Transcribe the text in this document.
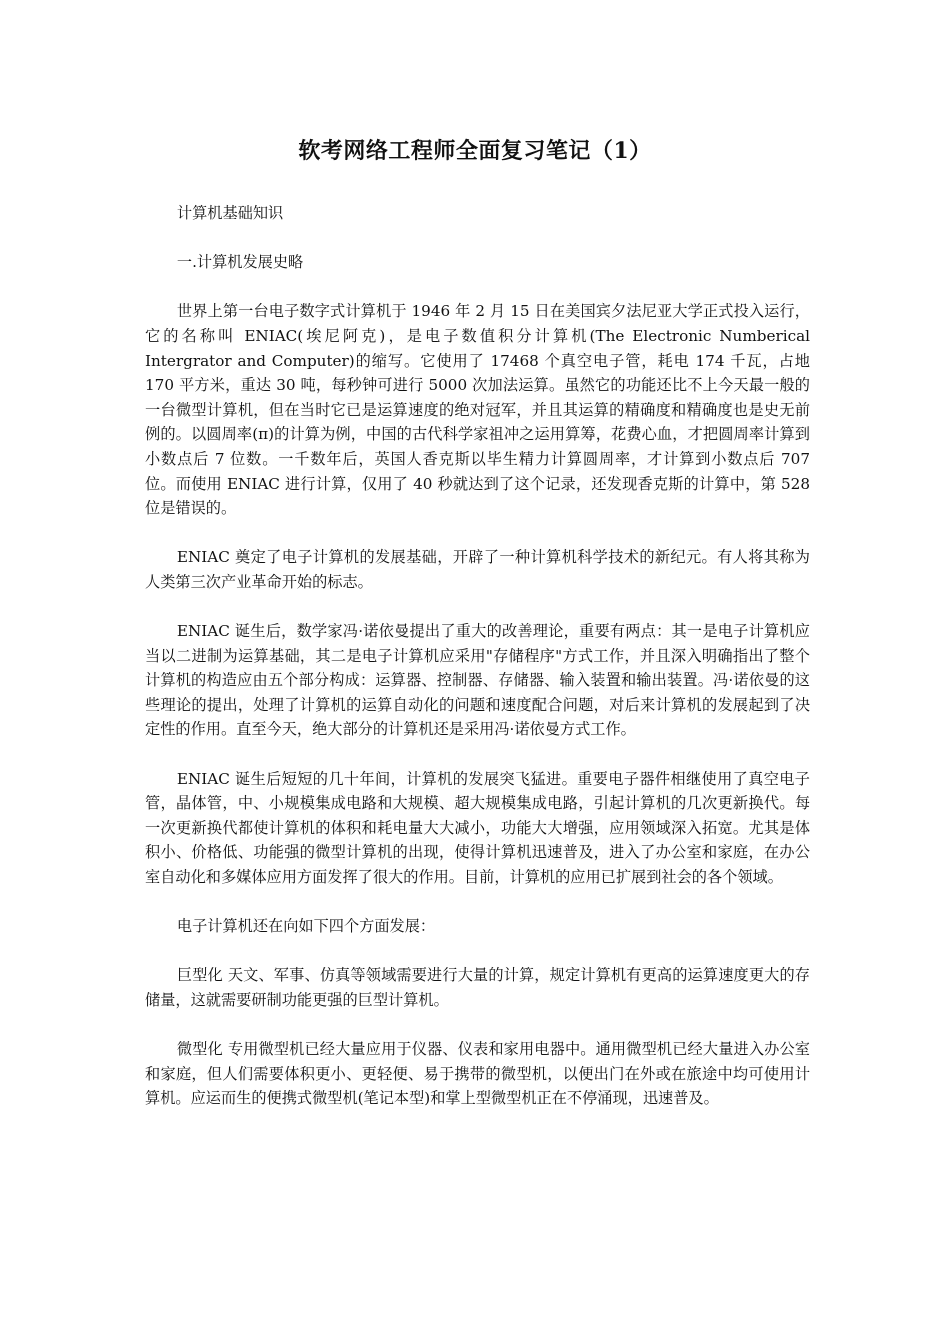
软考网络工程师全面复习笔记（1）

计算机基础知识

一.计算机发展史略

世界上第一台电子数字式计算机于 1946 年 2 月 15 日在美国宾夕法尼亚大学正式投入运行，它的名称叫 ENIAC(埃尼阿克)，是电子数值积分计算机(The Electronic Numberical Intergrator and Computer)的缩写。它使用了 17468 个真空电子管，耗电 174 千瓦，占地 170 平方米，重达 30 吨，每秒钟可进行 5000 次加法运算。虽然它的功能还比不上今天最一般的一台微型计算机，但在当时它已是运算速度的绝对冠军，并且其运算的精确度和精确度也是史无前例的。以圆周率(π)的计算为例，中国的古代科学家祖冲之运用算筹，花费心血，才把圆周率计算到小数点后 7 位数。一千数年后，英国人香克斯以毕生精力计算圆周率，才计算到小数点后 707 位。而使用 ENIAC 进行计算，仅用了 40 秒就达到了这个记录，还发现香克斯的计算中，第 528 位是错误的。

ENIAC 奠定了电子计算机的发展基础，开辟了一种计算机科学技术的新纪元。有人将其称为人类第三次产业革命开始的标志。

ENIAC 诞生后，数学家冯·诺依曼提出了重大的改善理论，重要有两点：其一是电子计算机应当以二进制为运算基础，其二是电子计算机应采用"存储程序"方式工作，并且深入明确指出了整个计算机的构造应由五个部分构成：运算器、控制器、存储器、输入装置和输出装置。冯·诺依曼的这些理论的提出，处理了计算机的运算自动化的问题和速度配合问题，对后来计算机的发展起到了决定性的作用。直至今天，绝大部分的计算机还是采用冯·诺依曼方式工作。

ENIAC 诞生后短短的几十年间，计算机的发展突飞猛进。重要电子器件相继使用了真空电子管，晶体管，中、小规模集成电路和大规模、超大规模集成电路，引起计算机的几次更新换代。每一次更新换代都使计算机的体积和耗电量大大减小，功能大大增强，应用领域深入拓宽。尤其是体积小、价格低、功能强的微型计算机的出现，使得计算机迅速普及，进入了办公室和家庭，在办公室自动化和多媒体应用方面发挥了很大的作用。目前，计算机的应用已扩展到社会的各个领域。

电子计算机还在向如下四个方面发展：

巨型化 天文、军事、仿真等领域需要进行大量的计算，规定计算机有更高的运算速度更大的存储量，这就需要研制功能更强的巨型计算机。

微型化 专用微型机已经大量应用于仪器、仪表和家用电器中。通用微型机已经大量进入办公室和家庭，但人们需要体积更小、更轻便、易于携带的微型机，以便出门在外或在旅途中均可使用计算机。应运而生的便携式微型机(笔记本型)和掌上型微型机正在不停涌现，迅速普及。
